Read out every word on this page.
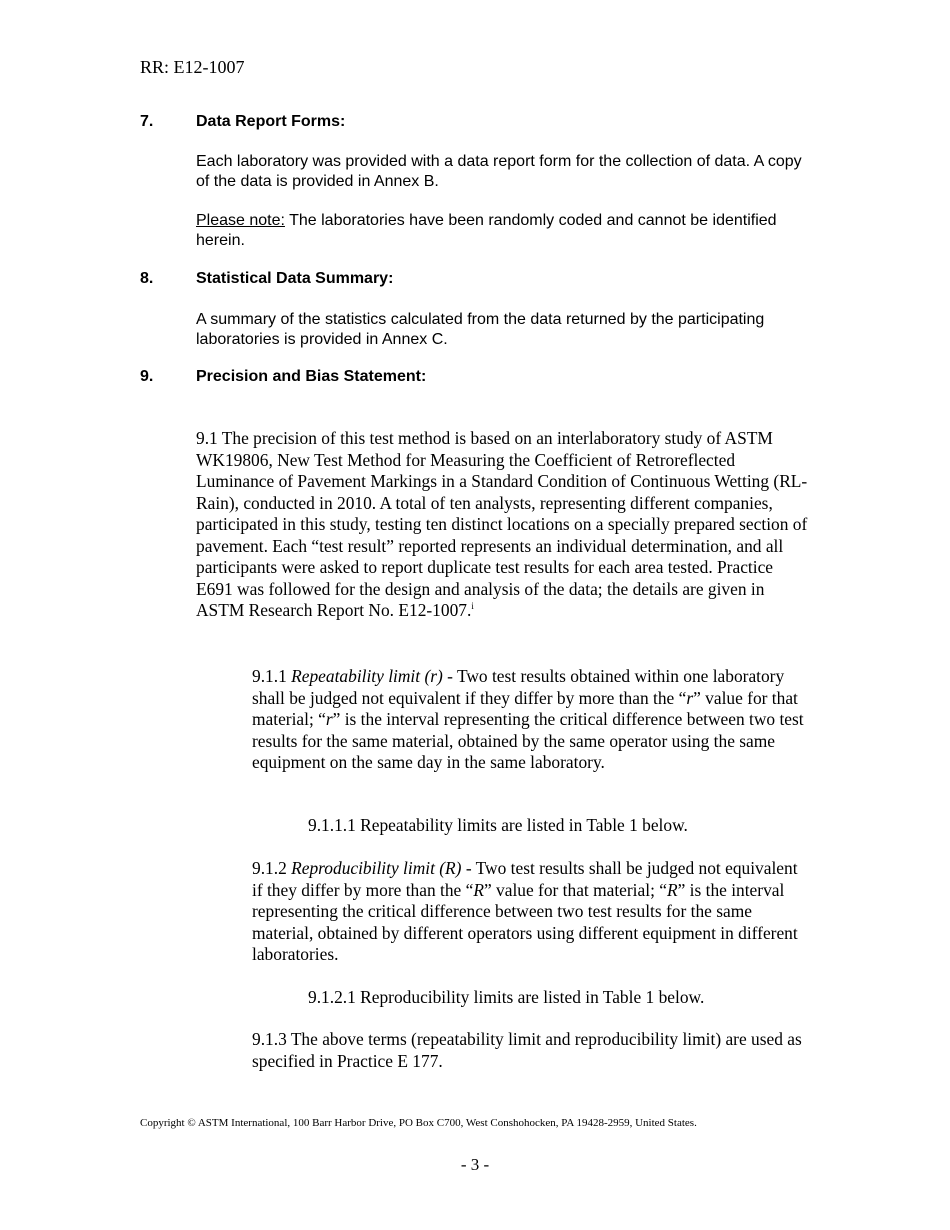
RR: E12-1007
7.	Data Report Forms:
Each laboratory was provided with a data report form for the collection of data. A copy of the data is provided in Annex B.
Please note: The laboratories have been randomly coded and cannot be identified herein.
8.	Statistical Data Summary:
A summary of the statistics calculated from the data returned by the participating laboratories is provided in Annex C.
9.	Precision and Bias Statement:
9.1 The precision of this test method is based on an interlaboratory study of ASTM WK19806, New Test Method for Measuring the Coefficient of Retroreflected Luminance of Pavement Markings in a Standard Condition of Continuous Wetting (RL-Rain), conducted in 2010. A total of ten analysts, representing different companies, participated in this study, testing ten distinct locations on a specially prepared section of pavement. Each “test result” reported represents an individual determination, and all participants were asked to report duplicate test results for each area tested. Practice E691 was followed for the design and analysis of the data; the details are given in ASTM Research Report No. E12-1007.$^i$
9.1.1 Repeatability limit (r) - Two test results obtained within one laboratory shall be judged not equivalent if they differ by more than the “r” value for that material; “r” is the interval representing the critical difference between two test results for the same material, obtained by the same operator using the same equipment on the same day in the same laboratory.
9.1.1.1 Repeatability limits are listed in Table 1 below.
9.1.2 Reproducibility limit (R) - Two test results shall be judged not equivalent if they differ by more than the “R” value for that material; “R” is the interval representing the critical difference between two test results for the same material, obtained by different operators using different equipment in different laboratories.
9.1.2.1 Reproducibility limits are listed in Table 1 below.
9.1.3 The above terms (repeatability limit and reproducibility limit) are used as specified in Practice E 177.
Copyright © ASTM International, 100 Barr Harbor Drive, PO Box C700, West Conshohocken, PA 19428-2959, United States.
- 3 -
